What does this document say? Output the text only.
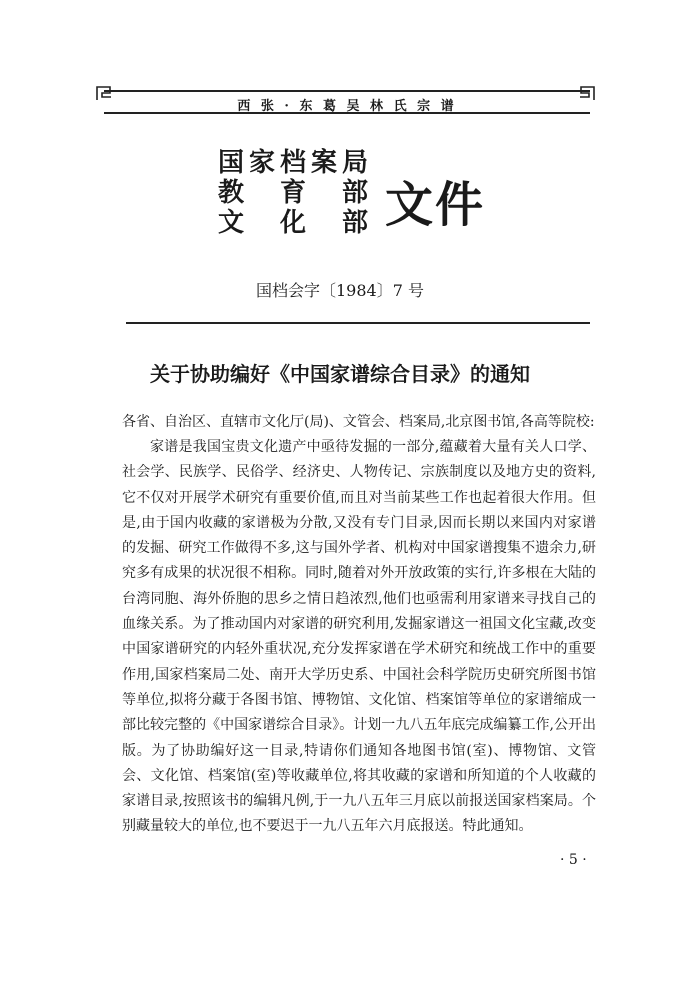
西 张 · 东 葛 吴 林 氏 宗 谱
国 家 档 案 局
教 育 部
文 化 部 文件
国档会字〔1984〕7 号
关于协助编好《中国家谱综合目录》的通知
各省、自治区、直辖市文化厅(局)、文管会、档案局,北京图书馆,各高等院校:

家谱是我国宝贵文化遗产中亟待发掘的一部分,蕴藏着大量有关人口学、社会学、民族学、民俗学、经济史、人物传记、宗族制度以及地方史的资料,它不仅对开展学术研究有重要价值,而且对当前某些工作也起着很大作用。但是,由于国内收藏的家谱极为分散,又没有专门目录,因而长期以来国内对家谱的发掘、研究工作做得不多,这与国外学者、机构对中国家谱搜集不遗余力,研究多有成果的状况很不相称。同时,随着对外开放政策的实行,许多根在大陆的台湾同胞、海外侨胞的思乡之情日趋浓烈,他们也亟需利用家谱来寻找自己的血缘关系。为了推动国内对家谱的研究利用,发掘家谱这一祖国文化宝藏,改变中国家谱研究的内轻外重状况,充分发挥家谱在学术研究和统战工作中的重要作用,国家档案局二处、南开大学历史系、中国社会科学院历史研究所图书馆等单位,拟将分藏于各图书馆、博物馆、文化馆、档案馆等单位的家谱缩成一部比较完整的《中国家谱综合目录》。计划一九八五年底完成编纂工作,公开出版。为了协助编好这一目录,特请你们通知各地图书馆(室)、博物馆、文管会、文化馆、档案馆(室)等收藏单位,将其收藏的家谱和所知道的个人收藏的家谱目录,按照该书的编辑凡例,于一九八五年三月底以前报送国家档案局。个别藏量较大的单位,也不要迟于一九八五年六月底报送。特此通知。

· 5 ·
